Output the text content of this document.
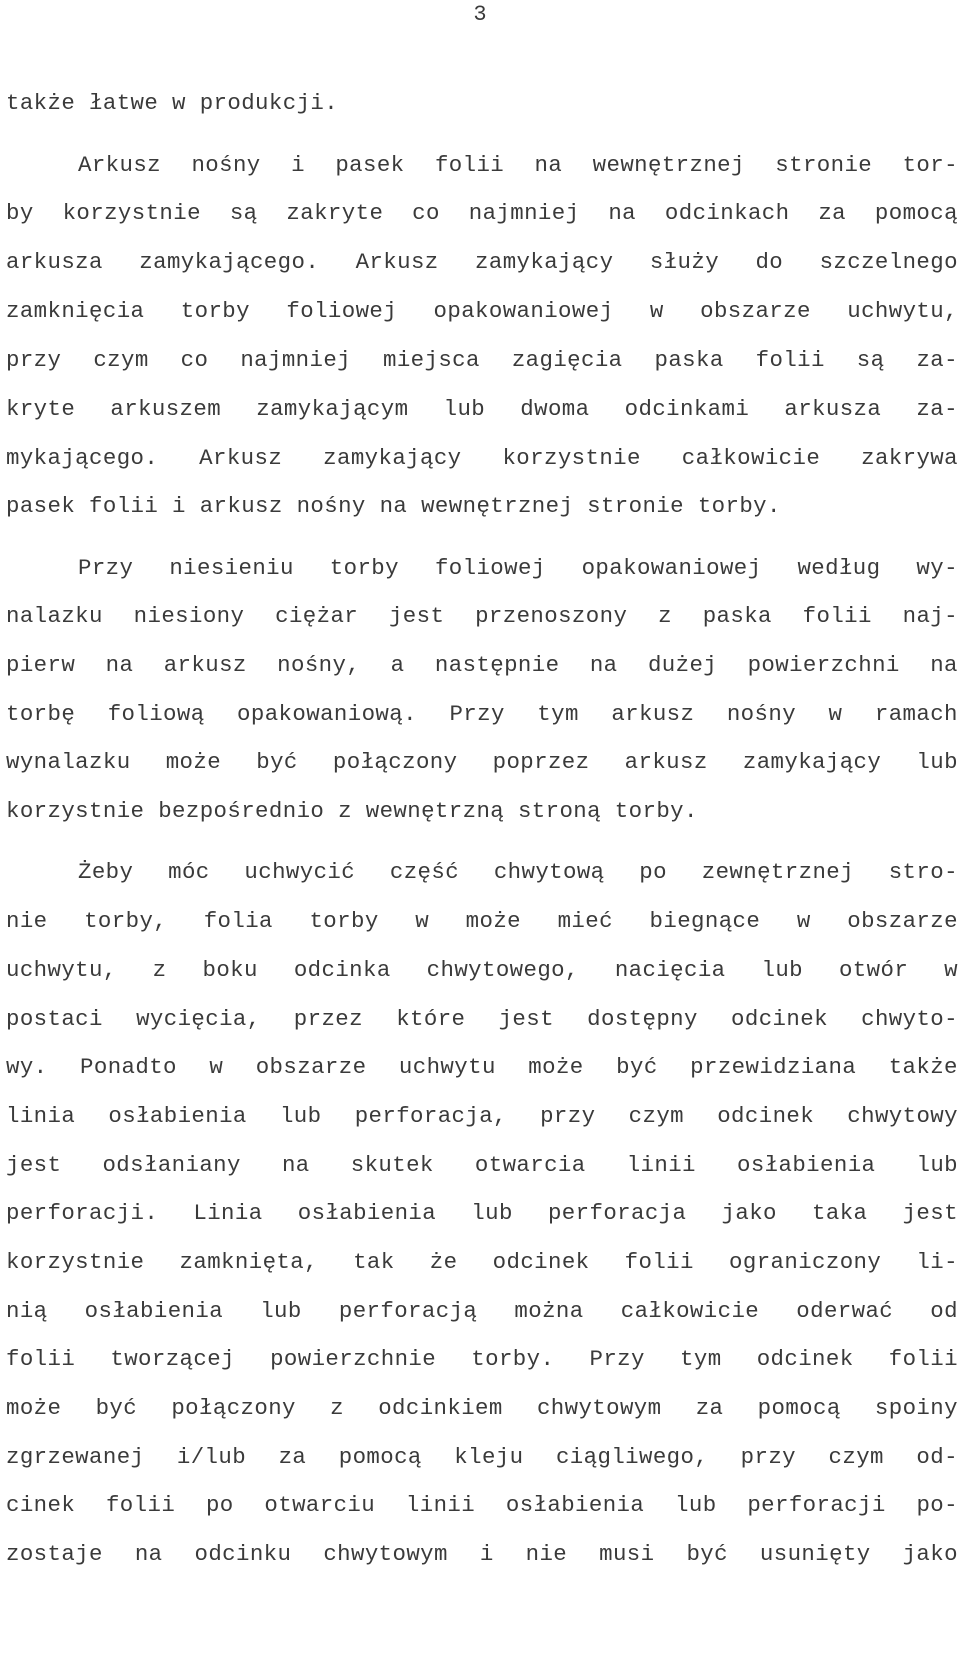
3
także łatwe w produkcji.
Arkusz nośny i pasek folii na wewnętrznej stronie tor-
by korzystnie są zakryte co najmniej na odcinkach za pomocą
arkusza zamykającego. Arkusz zamykający służy do szczelnego
zamknięcia torby foliowej opakowaniowej w obszarze uchwytu,
przy czym co najmniej miejsca zagięcia paska folii są za-
kryte arkuszem zamykającym lub dwoma odcinkami arkusza za-
mykającego. Arkusz zamykający korzystnie całkowicie zakrywa
pasek folii i arkusz nośny na wewnętrznej stronie torby.
Przy niesieniu torby foliowej opakowaniowej według wy-
nalazku niesiony ciężar jest przenoszony z paska folii naj-
pierw na arkusz nośny, a następnie na dużej powierzchni na
torbę foliową opakowaniową. Przy tym arkusz nośny w ramach
wynalazku może być połączony poprzez arkusz zamykający lub
korzystnie bezpośrednio z wewnętrzną stroną torby.
Żeby móc uchwycić część chwytową po zewnętrznej stro-
nie torby, folia torby w może mieć biegnące w obszarze
uchwytu, z boku odcinka chwytowego, nacięcia lub otwór w
postaci wycięcia, przez które jest dostępny odcinek chwyto-
wy. Ponadto w obszarze uchwytu może być przewidziana także
linia osłabienia lub perforacja, przy czym odcinek chwytowy
jest odsłaniany na skutek otwarcia linii osłabienia lub
perforacji. Linia osłabienia lub perforacja jako taka jest
korzystnie zamknięta, tak że odcinek folii ograniczony li-
nią osłabienia lub perforacją można całkowicie oderwać od
folii tworzącej powierzchnie torby. Przy tym odcinek folii
może być połączony z odcinkiem chwytowym za pomocą spoiny
zgrzewanej i/lub za pomocą kleju ciągliwego, przy czym od-
cinek folii po otwarciu linii osłabienia lub perforacji po-
zostaje na odcinku chwytowym i nie musi być usunięty jako
